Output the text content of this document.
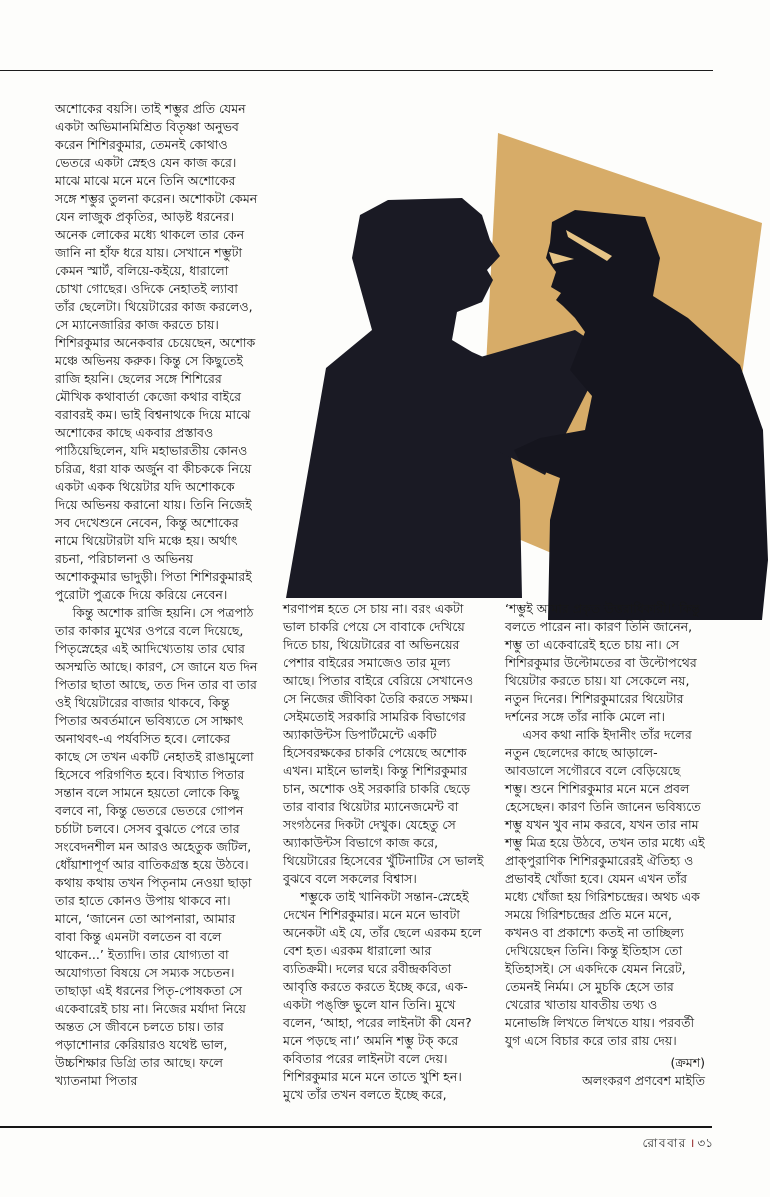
অশোকের বয়সি। তাই শম্ভুর প্রতি যেমন একটা অভিমানমিশ্রিত বিতৃষ্ণা অনুভব করেন শিশিরকুমার, তেমনই কোথাও ভেতরে একটা স্নেহও যেন কাজ করে। মাঝে মাঝে মনে মনে তিনি অশোকের সঙ্গে শম্ভুর তুলনা করেন। অশোকটা কেমন যেন লাজুক প্রকৃতির, আড়ষ্ট ধরনের। অনেক লোকের মধ্যে থাকলে তার কেন জানি না হাঁফ ধরে যায়। সেখানে শম্ভুটা কেমন স্মার্ট, বলিয়ে-কইয়ে, ধারালো চোখা গোছের। ওদিকে নেহাতই ল্যাবা তাঁর ছেলেটা। থিয়েটারের কাজ করলেও, সে ম্যানেজারির কাজ করতে চায়। শিশিরকুমার অনেকবার চেয়েছেন, অশোক মঞ্চে অভিনয় করুক। কিন্তু সে কিছুতেই রাজি হয়নি। ছেলের সঙ্গে শিশিরের মৌখিক কথাবার্তা কেজো কথার বাইরে বরাবরই কম। ভাই বিশ্বনাথকে দিয়ে মাঝে অশোকের কাছে একবার প্রস্তাবও পাঠিয়েছিলেন, যদি মহাভারতীয় কোনও চরিত্র, ধরা যাক অর্জুন বা কীচককে নিয়ে একটা একক থিয়েটার যদি অশোককে দিয়ে অভিনয় করানো যায়। তিনি নিজেই সব দেখেশুনে নেবেন, কিন্তু অশোকের নামে থিয়েটারটা যদি মঞ্চে হয়। অর্থাৎ রচনা, পরিচালনা ও অভিনয় অশোককুমার ভাদুড়ী। পিতা শিশিরকুমারই পুরোটা পুত্রকে দিয়ে করিয়ে নেবেন।

কিন্তু অশোক রাজি হয়নি। সে পত্রপাঠ তার কাকার মুখের ওপরে বলে দিয়েছে, পিতৃস্নেহের এই আদিখ্যেতায় তার ঘোর অসম্মতি আছে। কারণ, সে জানে যত দিন পিতার ছাতা আছে, তত দিন তার বা তার ওই থিয়েটারের বাজার থাকবে, কিন্তু পিতার অবর্তমানে ভবিষ্যতে সে সাক্ষাৎ অনাথবৎ-এ পর্যবসিত হবে। লোকের কাছে সে তখন একটি নেহাতই রাঙামুলো হিসেবে পরিগণিত হবে। বিখ্যাত পিতার সন্তান বলে সামনে হয়তো লোকে কিছু বলবে না, কিন্তু ভেতরে ভেতরে গোপন চর্চাটা চলবে। সেসব বুঝতে পেরে তার সংবেদনশীল মন আরও অহেতুক জটিল, ধোঁয়াশাপূর্ণ আর বাতিকগ্রস্ত হয়ে উঠবে। কথায় কথায় তখন পিতৃনাম নেওয়া ছাড়া তার হাতে কোনও উপায় থাকবে না। মানে, ‘জানেন তো আপনারা, আমার বাবা কিন্তু এমনটা বলতেন বা বলে থাকেন...’ ইত্যাদি। তার যোগ্যতা বা অযোগ্যতা বিষয়ে সে সম্যক সচেতন। তাছাড়া এই ধরনের পিতৃ-পোষকতা সে একেবারেই চায় না। নিজের মর্যাদা নিয়ে অন্তত সে জীবনে চলতে চায়। তার পড়াশোনার কেরিয়ারও যথেষ্ট ভাল, উচ্চশিক্ষার ডিগ্রি তার আছে। ফলে খ্যাতনামা পিতার

শরণাপন্ন হতে সে চায় না। বরং একটা ভাল চাকরি পেয়ে সে বাবাকে দেখিয়ে দিতে চায়, থিয়েটারের বা অভিনয়ের পেশার বাইরের সমাজেও তার মূল্য আছে। পিতার বাইরে বেরিয়ে সেখানেও সে নিজের জীবিকা তৈরি করতে সক্ষম। সেইমতোই সরকারি সামরিক বিভাগের অ্যাকাউন্টস ডিপার্টমেন্টে একটি হিসেবরক্ষকের চাকরি পেয়েছে অশোক এখন। মাইনে ভালই। কিন্তু শিশিরকুমার চান, অশোক ওই সরকারি চাকরি ছেড়ে তার বাবার থিয়েটার ম্যানেজমেন্ট বা সংগঠনের দিকটা দেখুক। যেহেতু সে অ্যাকাউন্টস বিভাগে কাজ করে, থিয়েটারের হিসেবের খুঁটিনাটির সে ভালই বুঝবে বলে সকলের বিশ্বাস।

শম্ভুকে তাই খানিকটা সন্তান-স্নেহেই দেখেন শিশিরকুমার। মনে মনে ভাবটা অনেকটা এই যে, তাঁর ছেলে এরকম হলে বেশ হত। এরকম ধারালো আর ব্যতিক্রমী। দলের ঘরে রবীন্দ্রকবিতা আবৃত্তি করতে করতে ইচ্ছে করে, এক-একটা পঙ্‌ক্তি ভুলে যান তিনি। মুখে বলেন, ‘আহা, পরের লাইনটা কী যেন? মনে পড়ছে না।’ অমনি শম্ভু টক্‌ করে কবিতার পরের লাইনটা বলে দেয়। শিশিরকুমার মনে মনে তাতে খুশি হন। মুখে তাঁর তখন বলতে ইচ্ছে করে,

‘শম্ভুই আমার প্রকৃত উত্তরাধিকারী।’ কিন্তু বলতে পারেন না। কারণ তিনি জানেন, শম্ভু তা একেবারেই হতে চায় না। সে শিশিরকুমার উল্টোমতের বা উল্টোপথের থিয়েটার করতে চায়। যা সেকেলে নয়, নতুন দিনের। শিশিরকুমারের থিয়েটার দর্শনের সঙ্গে তাঁর নাকি মেলে না।

এসব কথা নাকি ইদানীং তাঁর দলের নতুন ছেলেদের কাছে আড়ালে-আবডালে সগৌরবে বলে বেড়িয়েছে শম্ভু। শুনে শিশিরকুমার মনে মনে প্রবল হেসেছেন। কারণ তিনি জানেন ভবিষ্যতে শম্ভু যখন খুব নাম করবে, যখন তার নাম শম্ভু মিত্র হয়ে উঠবে, তখন তার মধ্যে এই প্রাক্‌পুরাণিক শিশিরকুমারেরই ঐতিহ্য ও প্রভাবই খোঁজা হবে। যেমন এখন তাঁর মধ্যে খোঁজা হয় গিরিশচন্দ্রের। অথচ এক সময়ে গিরিশচন্দ্রের প্রতি মনে মনে, কখনও বা প্রকাশ্যে কতই না তাচ্ছিল্য দেখিয়েছেন তিনি। কিন্তু ইতিহাস তো ইতিহাসই। সে একদিকে যেমন নিরেট, তেমনই নির্মম। সে মুচকি হেসে তার খেরোর খাতায় যাবতীয় তথ্য ও মনোভঙ্গি লিখতে লিখতে যায়। পরবর্তী যুগ এসে বিচার করে তার রায় দেয়।

(ক্রমশ)

অলংকরণ প্রণবেশ মাইতি

রোববার । ৩১
